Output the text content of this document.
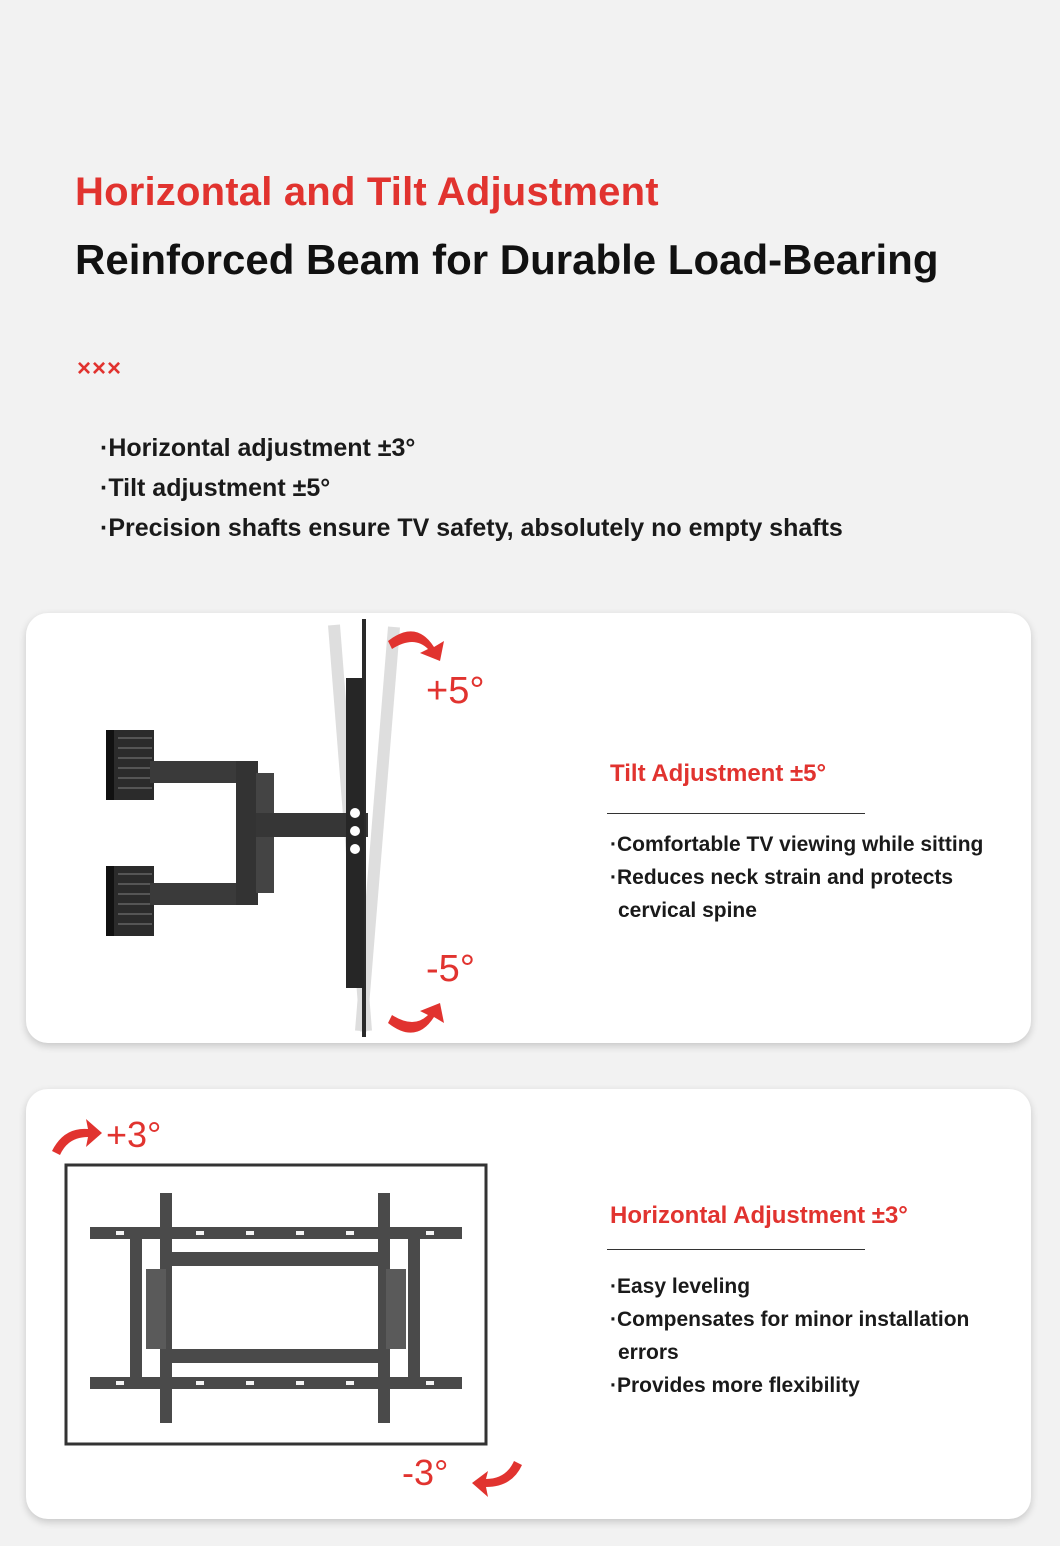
Horizontal and Tilt Adjustment
Reinforced Beam for Durable Load-Bearing
×××
·Horizontal adjustment ±3°
·Tilt adjustment ±5°
·Precision shafts ensure TV safety, absolutely no empty shafts
+5°
-5°
Tilt Adjustment ±5°
·Comfortable TV viewing while sitting
·Reduces neck strain and protects cervical spine
+3°
-3°
Horizontal Adjustment ±3°
·Easy leveling
·Compensates for minor installation errors
·Provides more flexibility
